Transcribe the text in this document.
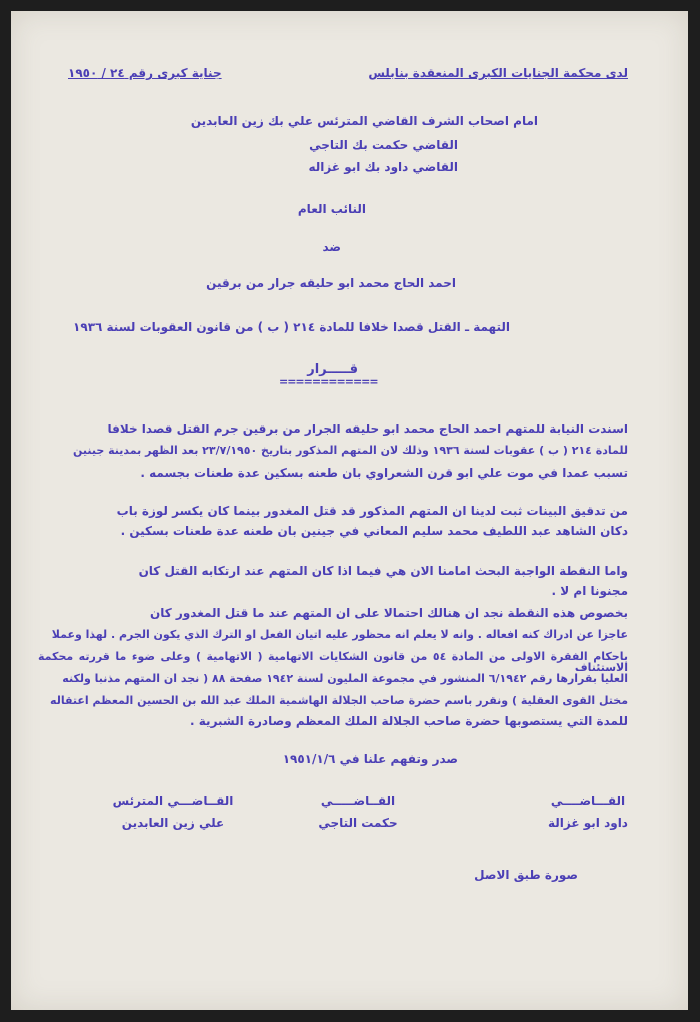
لدى محكمة الجنايات الكبرى المنعقدة بنابلس
جناية كبرى رقم ٢٤ / ١٩٥٠
امام اصحاب الشرف القاضي المترئس علي بك زين العابدين
القاضي حكمت بك التاجي
القاضي داود بك ابو غزاله
النائب العام
ضد
احمد الحاج محمد ابو حليقه جرار من برقين
التهمة ـ القتل قصدا خلافا للمادة ٢١٤ ( ب ) من قانون العقوبات لسنة ١٩٣٦
قـــــرار
============
اسندت النيابة للمتهم احمد الحاج محمد ابو حليقه الجرار من برقين جرم القتل قصدا خلافا
للمادة ٢١٤ ( ب ) عقوبات لسنة ١٩٣٦ وذلك لان المتهم المذكور بتاريخ ٢٣/٧/١٩٥٠ بعد الظهر بمدينة جينين
تسبب عمدا في موت علي ابو قرن الشعراوي بان طعنه بسكين عدة طعنات بجسمه .
من تدقيق البينات ثبت لدينا ان المتهم المذكور قد قتل المغدور بينما كان يكسر لوزة باب
دكان الشاهد عبد اللطيف محمد سليم المعاني في جينين بان طعنه عدة طعنات بسكين .
واما النقطة الواجبة البحث امامنا الان هي فيما اذا كان المتهم عند ارتكابه القتل كان
مجنونا ام لا .
بخصوص هذه النقطة نجد ان هنالك احتمالا على ان المتهم عند ما قتل المغدور كان
عاجزا عن ادراك كنه افعاله . وانه لا يعلم انه محظور عليه اتيان الفعل او الترك الذي يكون الجرم . لهذا وعملا
باحكام الفقرة الاولى من المادة ٥٤ من قانون الشكايات الاتهامية ( الاتهامية ) وعلى ضوء ما قررته محكمة الاستئناف
العليا بقرارها رقم ٦/١٩٤٢ المنشور في مجموعة المليون لسنة ١٩٤٢ صفحة ٨٨ ( نجد ان المتهم مذنبا ولكنه
مختل القوى العقلية ) ونقرر باسم حضرة صاحب الجلالة الهاشمية الملك عبد الله بن الحسين المعظم اعتقاله
للمدة التي يستصوبها حضرة صاحب الجلالة الملك المعظم وصادرة الشبرية .
صدر وتفهم علنا في ١٩٥١/١/٦
القـــاضــــي
داود ابو غزالة
القــاضـــــي
حكمت التاجي
القــاضـــي المترئس
علي زين العابدين
صورة طبق الاصل
